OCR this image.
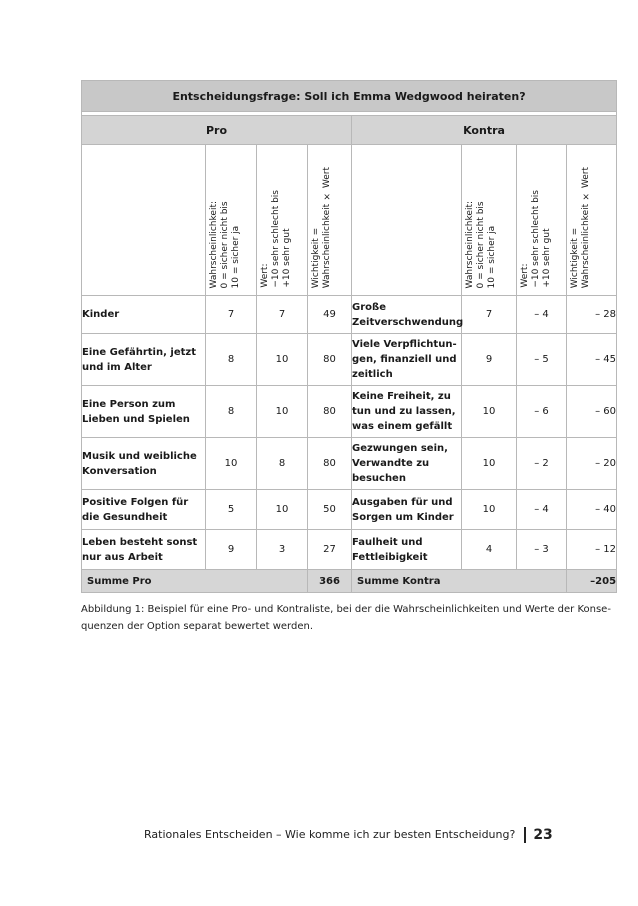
Entscheidungsfrage: Soll ich Emma Wedgwood heiraten?							

Pro				Kontra			
	Wahrscheinlichkeit:
0 = sicher nicht bis
10 = sicher ja	Wert:
−10 sehr schlecht bis
+10 sehr gut	Wichtigkeit =
Wahrscheinlichkeit × Wert		Wahrscheinlichkeit:
0 = sicher nicht bis
10 = sicher ja	Wert:
−10 sehr schlecht bis
+10 sehr gut	Wichtigkeit =
Wahrscheinlichkeit × Wert
Kinder	7	7	49	Große Zeitverschwendung	7	– 4	– 28
Eine Gefährtin, jetzt und im Alter	8	10	80	Viele Verpflichtungen, finanziell und zeitlich	9	– 5	– 45
Eine Person zum Lieben und Spielen	8	10	80	Keine Freiheit, zu tun und zu lassen, was einem gefällt	10	– 6	– 60
Musik und weibliche Konversation	10	8	80	Gezwungen sein, Verwandte zu besuchen	10	– 2	– 20
Positive Folgen für die Gesundheit	5	10	50	Ausgaben für und Sorgen um Kinder	10	– 4	– 40
Leben besteht sonst nur aus Arbeit	9	3	27	Faulheit und Fettleibigkeit	4	– 3	– 12
Summe Pro			366	Summe Kontra			–205
Abbildung 1: Beispiel für eine Pro- und Kontraliste, bei der die Wahrscheinlichkeiten und Werte der Konsequenzen der Option separat bewertet werden.
Rationales Entscheiden – Wie komme ich zur besten Entscheidung? 23
